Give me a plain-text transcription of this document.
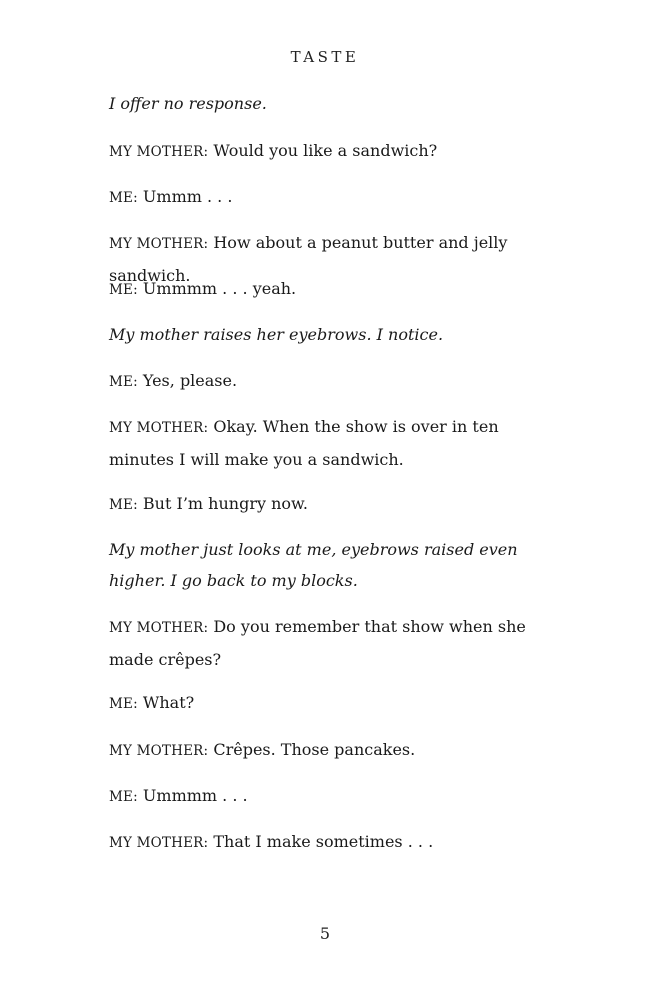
TASTE

I offer no response.

MY MOTHER: Would you like a sandwich?

ME: Ummm . . .

MY MOTHER: How about a peanut butter and jelly sandwich.

ME: Ummmm . . . yeah.

My mother raises her eyebrows. I notice.

ME: Yes, please.

MY MOTHER: Okay. When the show is over in ten minutes I will make you a sandwich.

ME: But I’m hungry now.

My mother just looks at me, eyebrows raised even higher. I go back to my blocks.

MY MOTHER: Do you remember that show when she made crêpes?

ME: What?

MY MOTHER: Crêpes. Those pancakes.

ME: Ummmm . . .

MY MOTHER: That I make sometimes . . .

5
